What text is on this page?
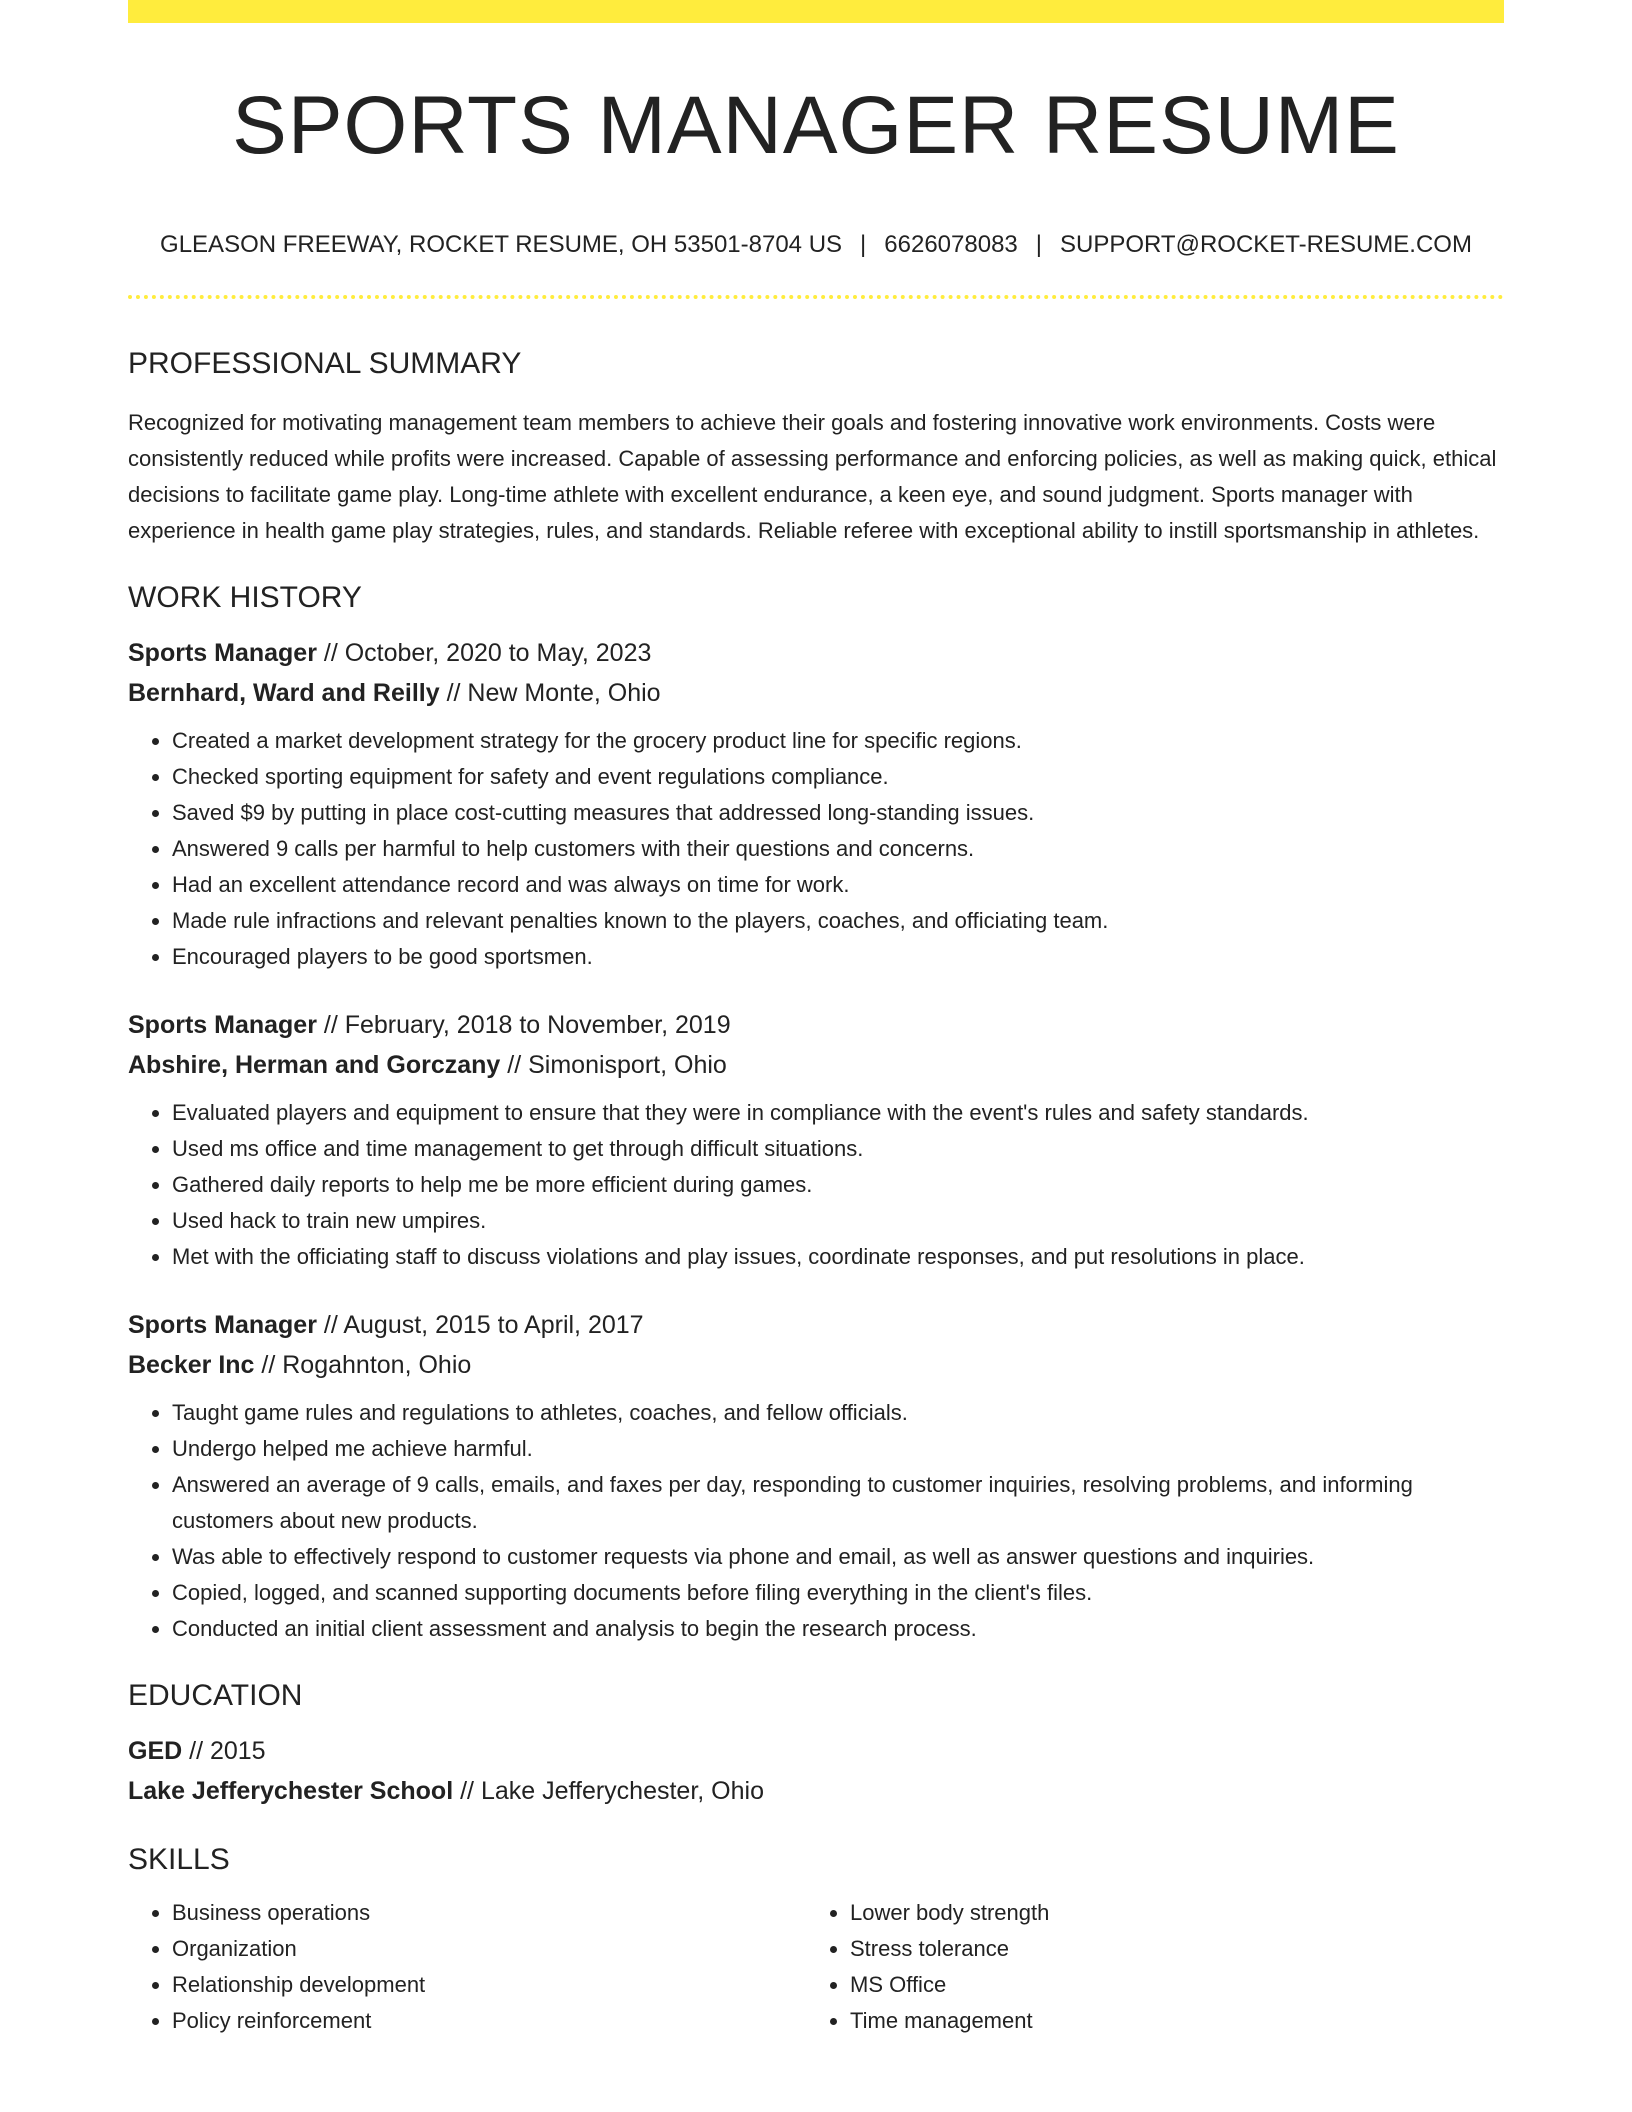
SPORTS MANAGER RESUME
GLEASON FREEWAY, ROCKET RESUME, OH 53501-8704 US | 6626078083 | SUPPORT@ROCKET-RESUME.COM
PROFESSIONAL SUMMARY

Recognized for motivating management team members to achieve their goals and fostering innovative work environments. Costs were consistently reduced while profits were increased. Capable of assessing performance and enforcing policies, as well as making quick, ethical decisions to facilitate game play. Long-time athlete with excellent endurance, a keen eye, and sound judgment. Sports manager with experience in health game play strategies, rules, and standards. Reliable referee with exceptional ability to instill sportsmanship in athletes.

WORK HISTORY

Sports Manager // October, 2020 to May, 2023

Bernhard, Ward and Reilly // New Monte, Ohio

• Created a market development strategy for the grocery product line for specific regions.
• Checked sporting equipment for safety and event regulations compliance.
• Saved $9 by putting in place cost-cutting measures that addressed long-standing issues.
• Answered 9 calls per harmful to help customers with their questions and concerns.
• Had an excellent attendance record and was always on time for work.
• Made rule infractions and relevant penalties known to the players, coaches, and officiating team.
• Encouraged players to be good sportsmen.

Sports Manager // February, 2018 to November, 2019

Abshire, Herman and Gorczany // Simonisport, Ohio

• Evaluated players and equipment to ensure that they were in compliance with the event's rules and safety standards.
• Used ms office and time management to get through difficult situations.
• Gathered daily reports to help me be more efficient during games.
• Used hack to train new umpires.
• Met with the officiating staff to discuss violations and play issues, coordinate responses, and put resolutions in place.

Sports Manager // August, 2015 to April, 2017

Becker Inc // Rogahnton, Ohio

• Taught game rules and regulations to athletes, coaches, and fellow officials.
• Undergo helped me achieve harmful.
• Answered an average of 9 calls, emails, and faxes per day, responding to customer inquiries, resolving problems, and informing customers about new products.
• Was able to effectively respond to customer requests via phone and email, as well as answer questions and inquiries.
• Copied, logged, and scanned supporting documents before filing everything in the client's files.
• Conducted an initial client assessment and analysis to begin the research process.
EDUCATION

GED // 2015

Lake Jefferychester School // Lake Jefferychester, Ohio

SKILLS
• Business operations
• Organization
• Relationship development
• Policy reinforcement
• Lower body strength
• Stress tolerance
• MS Office
• Time management
